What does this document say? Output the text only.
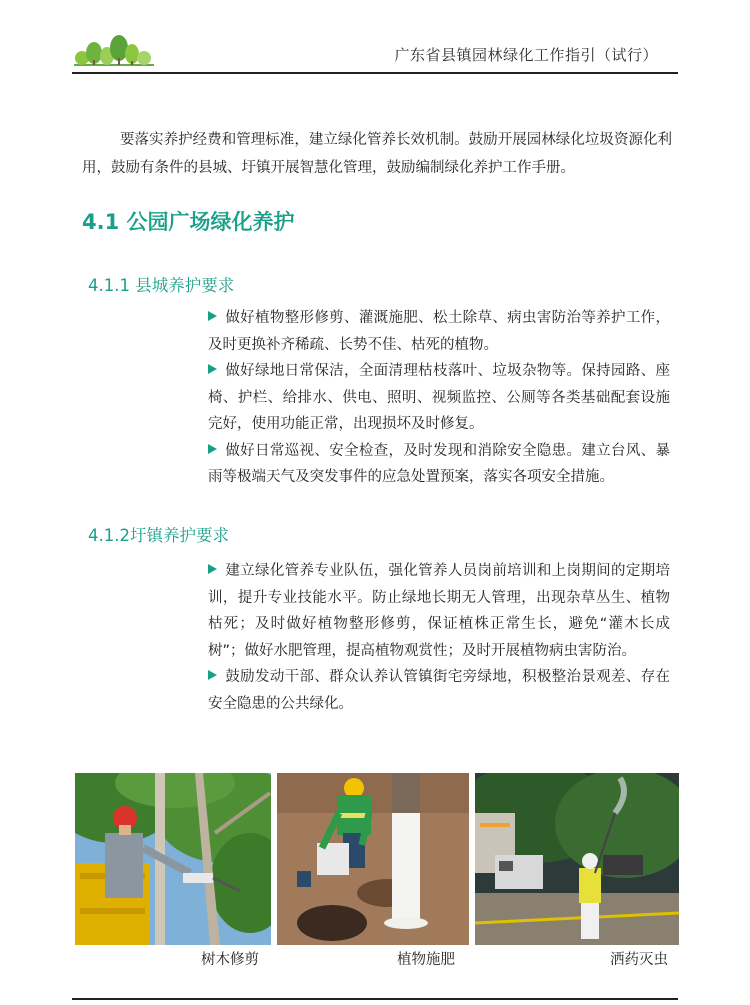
广东省县镇园林绿化工作指引（试行）
要落实养护经费和管理标准，建立绿化管养长效机制。鼓励开展园林绿化垃圾资源化利用，鼓励有条件的县城、圩镇开展智慧化管理，鼓励编制绿化养护工作手册。
4.1 公园广场绿化养护
4.1.1 县城养护要求
做好植物整形修剪、灌溉施肥、松土除草、病虫害防治等养护工作，及时更换补齐稀疏、长势不佳、枯死的植物。
做好绿地日常保洁，全面清理枯枝落叶、垃圾杂物等。保持园路、座椅、护栏、给排水、供电、照明、视频监控、公厕等各类基础配套设施完好，使用功能正常，出现损坏及时修复。
做好日常巡视、安全检查，及时发现和消除安全隐患。建立台风、暴雨等极端天气及突发事件的应急处置预案，落实各项安全措施。
4.1.2圩镇养护要求
建立绿化管养专业队伍，强化管养人员岗前培训和上岗期间的定期培训，提升专业技能水平。防止绿地长期无人管理，出现杂草丛生、植物枯死；及时做好植物整形修剪，保证植株正常生长，避免“灌木长成树”；做好水肥管理，提高植物观赏性；及时开展植物病虫害防治。
鼓励发动干部、群众认养认管镇街宅旁绿地，积极整治景观差、存在安全隐患的公共绿化。
树木修剪	植物施肥	洒药灭虫
